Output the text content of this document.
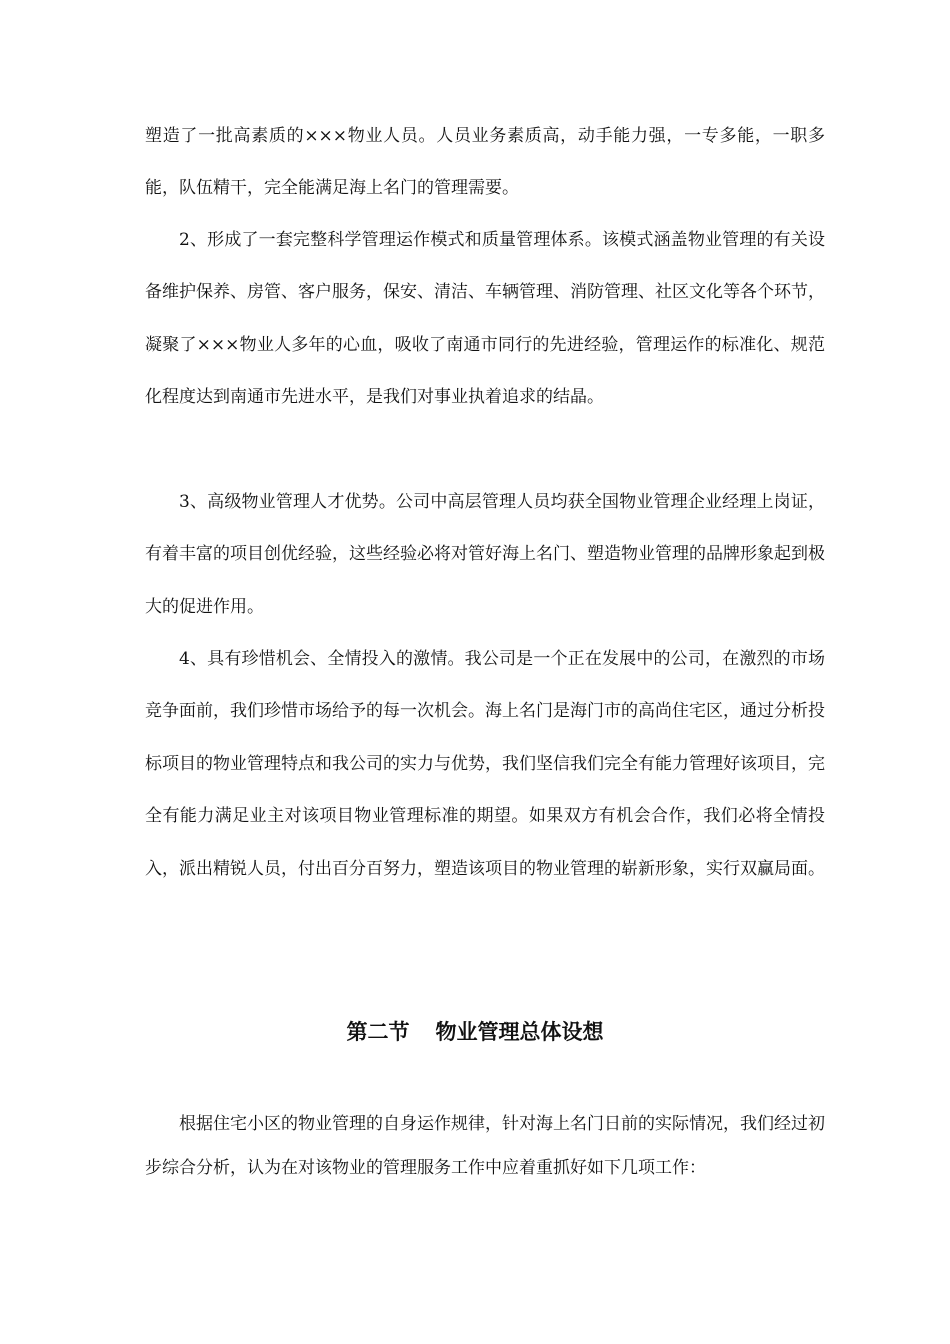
塑造了一批高素质的×××物业人员。人员业务素质高，动手能力强，一专多能，一职多能，队伍精干，完全能满足海上名门的管理需要。

2、形成了一套完整科学管理运作模式和质量管理体系。该模式涵盖物业管理的有关设备维护保养、房管、客户服务，保安、清洁、车辆管理、消防管理、社区文化等各个环节，凝聚了×××物业人多年的心血，吸收了南通市同行的先进经验，管理运作的标准化、规范化程度达到南通市先进水平，是我们对事业执着追求的结晶。

3、高级物业管理人才优势。公司中高层管理人员均获全国物业管理企业经理上岗证，有着丰富的项目创优经验，这些经验必将对管好海上名门、塑造物业管理的品牌形象起到极大的促进作用。

4、具有珍惜机会、全情投入的激情。我公司是一个正在发展中的公司，在激烈的市场竞争面前，我们珍惜市场给予的每一次机会。海上名门是海门市的高尚住宅区，通过分析投标项目的物业管理特点和我公司的实力与优势，我们坚信我们完全有能力管理好该项目，完全有能力满足业主对该项目物业管理标准的期望。如果双方有机会合作，我们必将全情投入，派出精锐人员，付出百分百努力，塑造该项目的物业管理的崭新形象，实行双赢局面。

第二节 物业管理总体设想

根据住宅小区的物业管理的自身运作规律，针对海上名门日前的实际情况，我们经过初步综合分析，认为在对该物业的管理服务工作中应着重抓好如下几项工作：
